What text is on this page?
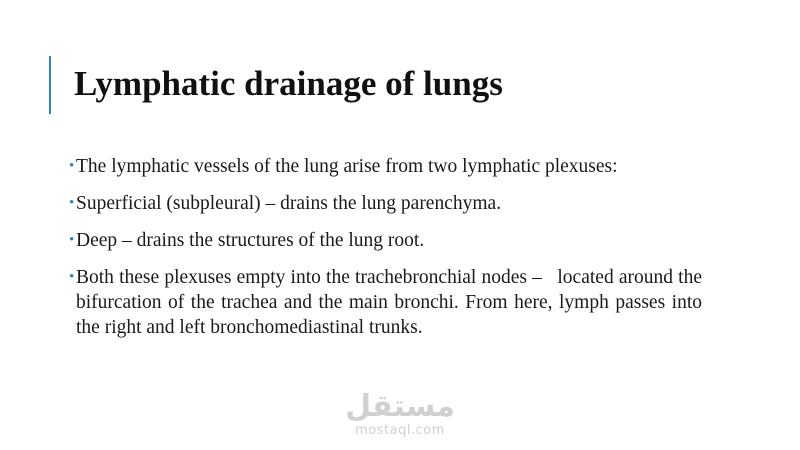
Lymphatic drainage of lungs
• The lymphatic vessels of the lung arise from two lymphatic plexuses:
• Superficial (subpleural) – drains the lung parenchyma.
• Deep – drains the structures of the lung root.
• Both these plexuses empty into the trachebronchial nodes –   located around the bifurcation of the trachea and the main bronchi. From here, lymph passes into the right and left bronchomediastinal trunks.
مستقل
mostaql.com
